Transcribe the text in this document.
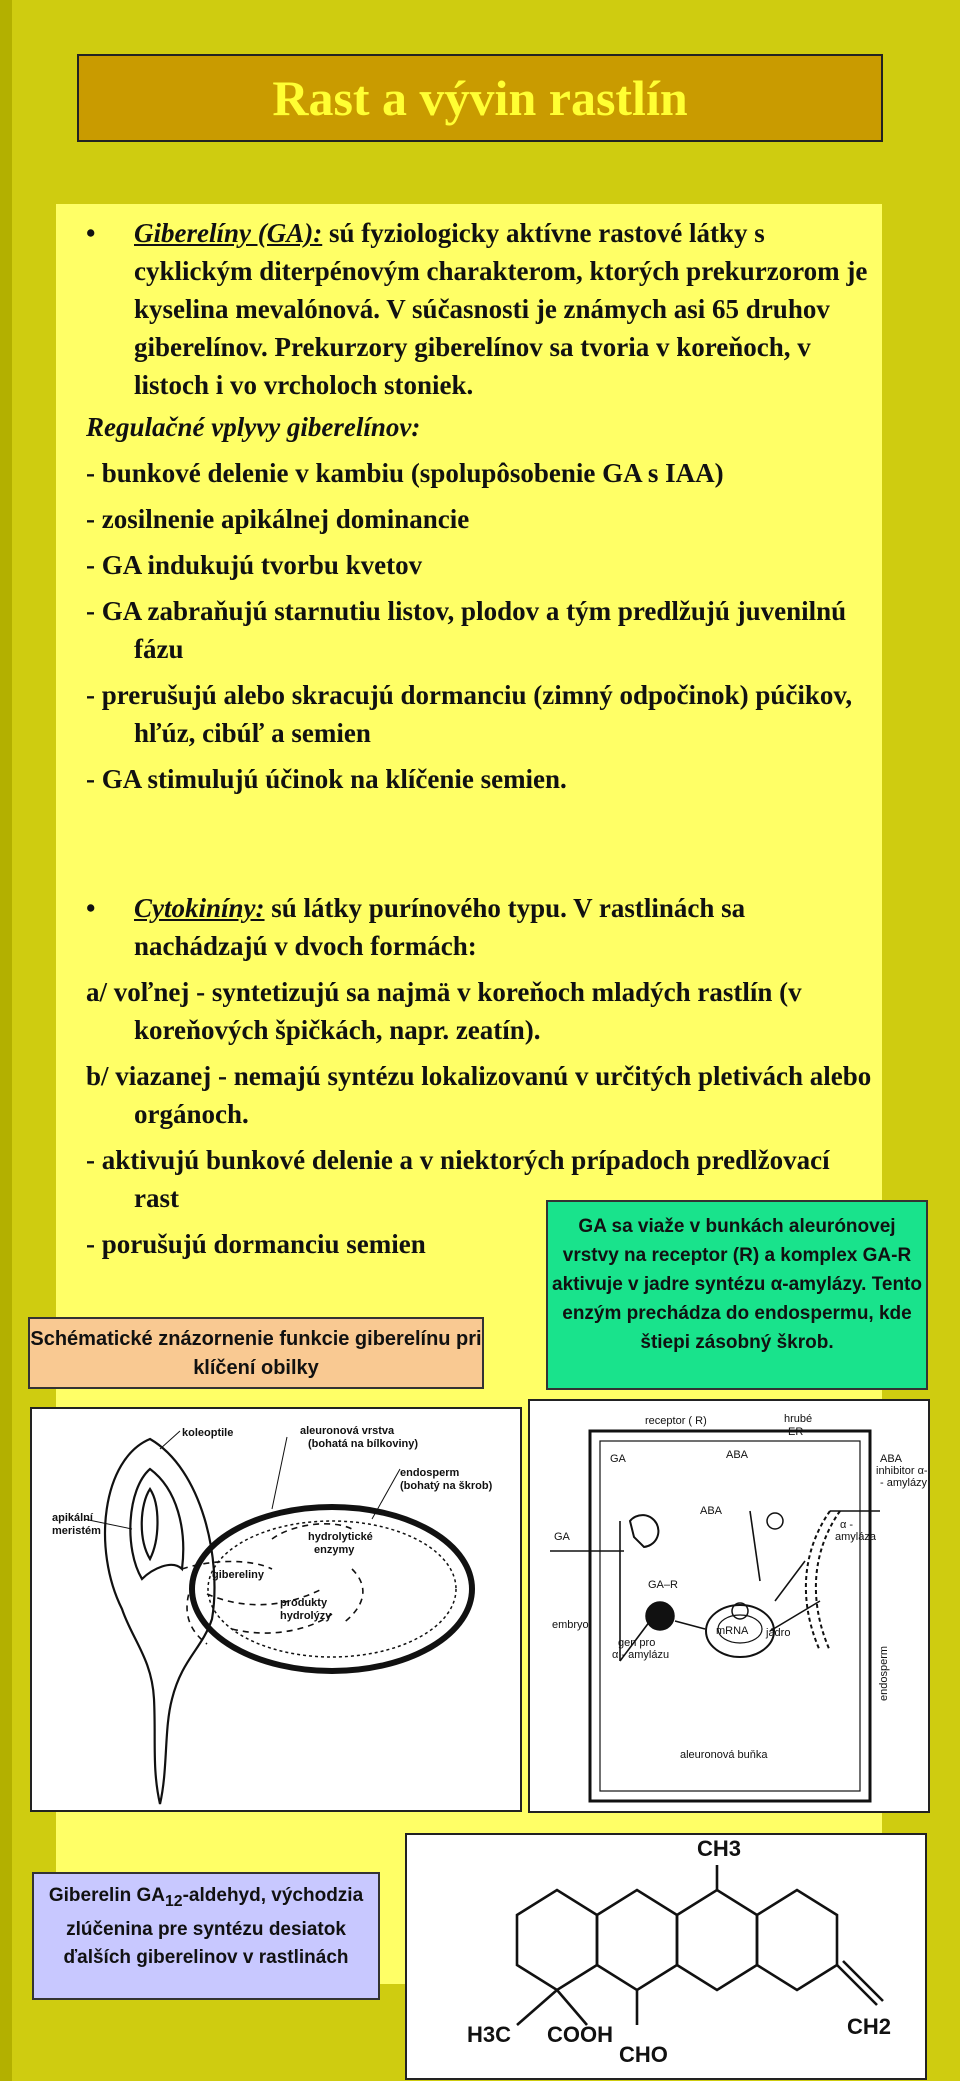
Rast a vývin rastlín
• Giberelíny (GA): sú fyziologicky aktívne rastové látky s cyklickým diterpénovým charakterom, ktorých prekurzorom je kyselina mevalónová. V súčasnosti je známych asi 65 druhov giberelínov. Prekurzory giberelínov sa tvoria v koreňoch, v listoch i vo vrcholoch stoniek.
Regulačné vplyvy giberelínov:
- bunkové delenie v kambiu (spolupôsobenie GA s IAA)
- zosilnenie apikálnej dominancie
- GA indukujú tvorbu kvetov
- GA zabraňujú starnutiu listov, plodov a tým predlžujú juvenilnú fázu
- prerušujú alebo skracujú dormanciu (zimný odpočinok) púčikov, hľúz, cibúľ a semien
- GA stimulujú účinok na klíčenie semien.
• Cytokiníny: sú látky purínového typu. V rastlinách sa nachádzajú v dvoch formách:
a/ voľnej - syntetizujú sa najmä v koreňoch mladých rastlín (v koreňových špičkách, napr. zeatín).
b/ viazanej - nemajú syntézu lokalizovanú v určitých pletivách alebo orgánoch.
- aktivujú bunkové delenie a v niektorých prípadoch predlžovací rast
- porušujú dormanciu semien
Schématické znázornenie funkcie giberelínu pri klíčení obilky
GA sa viaže v bunkách aleurónovej vrstvy na receptor (R) a komplex GA-R aktivuje v jadre syntézu α-amylázy. Tento enzým prechádza do endospermu, kde štiepi zásobný škrob.
Giberelin $GA_{12}$-aldehyd, východzia zlúčenina pre syntézu desiatok ďalších giberelinov v rastlinách
koleoptile	aleuronová vrstva
(bohatá na bílkoviny)
endosperm
(bohatý na škrob)
apikální
meristém	hydrolytické
enzymy
gibereliny
produkty
hydrolýzy
receptor ( R)	hrubé
ER
GA	ABA	ABA
inhibitor α-
- amylázy
GA
α -
amyláza
ABA
GA–R
embryo
gen pro
α - amylázu
mRNA jádro
endosperm
aleuronová buňka
CH3
H3C COOH
CHO
CH2
